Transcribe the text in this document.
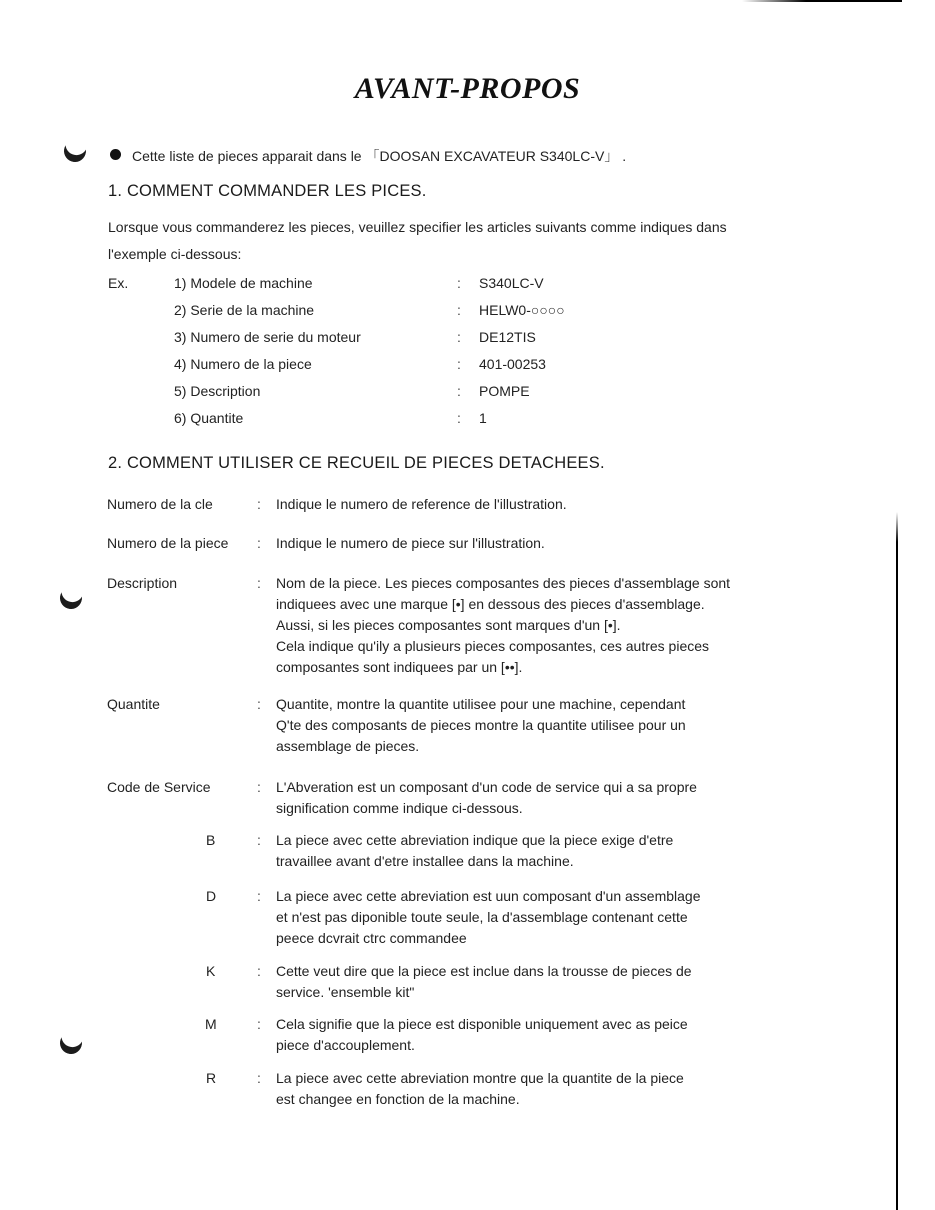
AVANT-PROPOS
Cette liste de pieces apparait dans le 「DOOSAN EXCAVATEUR S340LC-V」 .
1. COMMENT COMMANDER LES PICES.
Lorsque vous commanderez les pieces, veuillez specifier les articles suivants comme indiques dans
l'exemple ci-dessous:
Ex.	1) Modele de machine	: S340LC-V
2) Serie de la machine	: HELW0-○○○○
3) Numero de serie du moteur	: DE12TIS
4) Numero de la piece	: 401-00253
5) Description	: POMPE
6) Quantite	: 1
2. COMMENT UTILISER CE RECUEIL DE PIECES DETACHEES.
Numero de la cle	: Indique le numero de reference de l'illustration.
Numero de la piece : Indique le numero de piece sur l'illustration.
Description	: Nom de la piece. Les pieces composantes des pieces d'assemblage sont
indiquees avec une marque [•] en dessous des pieces d'assemblage.
Aussi, si les pieces composantes sont marques d'un [•].
Cela indique qu'ily a plusieurs pieces composantes, ces autres pieces
composantes sont indiquees par un [••].
Quantite	: Quantite, montre la quantite utilisee pour une machine, cependant
Q'te des composants de pieces montre la quantite utilisee pour un
assemblage de pieces.
Code de Service	: L'Abveration est un composant d'un code de service qui a sa propre
signification comme indique ci-dessous.
B	: La piece avec cette abreviation indique que la piece exige d'etre
travaillee avant d'etre installee dans la machine.
D	: La piece avec cette abreviation est uun composant d'un assemblage
et n'est pas diponible toute seule, la d'assemblage contenant cette
peece dcvrait ctrc commandee
K	: Cette veut dire que la piece est inclue dans la trousse de pieces de
service. 'ensemble kit"
M	: Cela signifie que la piece est disponible uniquement avec as peice
piece d'accouplement.
R	: La piece avec cette abreviation montre que la quantite de la piece
est changee en fonction de la machine.
